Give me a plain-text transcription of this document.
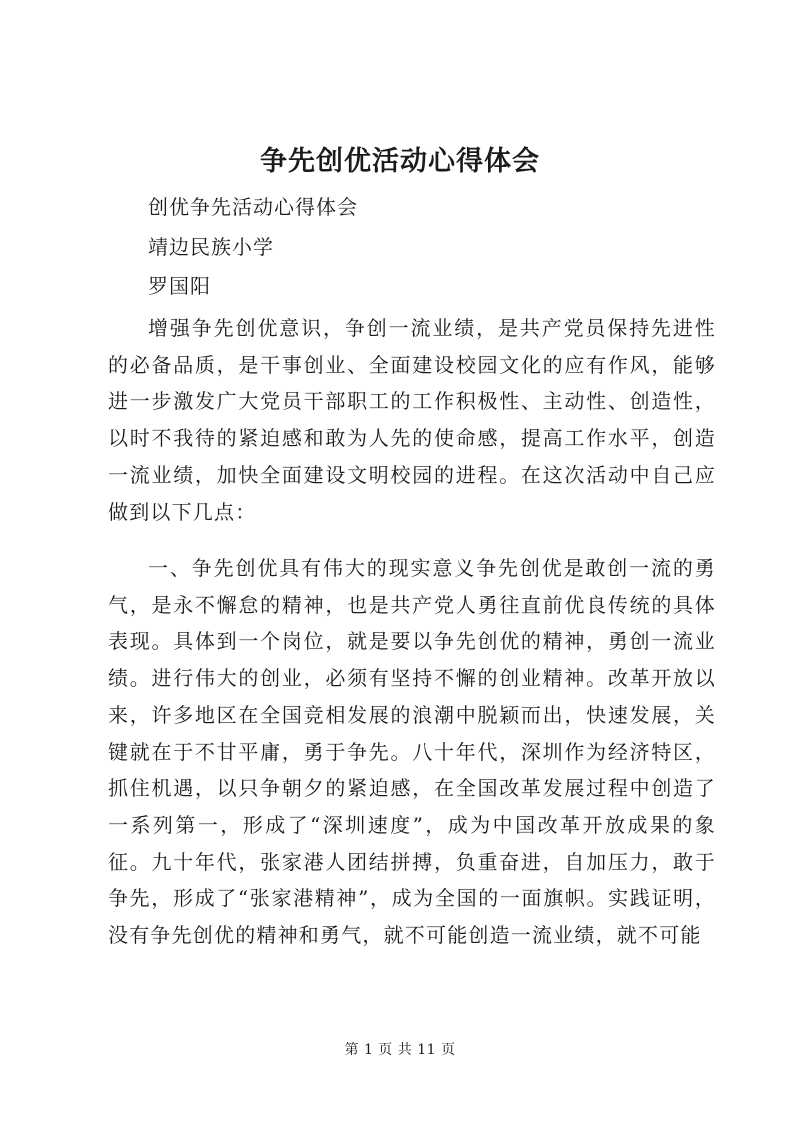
争先创优活动心得体会
创优争先活动心得体会
靖边民族小学
罗国阳

增强争先创优意识，争创一流业绩，是共产党员保持先进性的必备品质，是干事创业、全面建设校园文化的应有作风，能够进一步激发广大党员干部职工的工作积极性、主动性、创造性，以时不我待的紧迫感和敢为人先的使命感，提高工作水平，创造一流业绩，加快全面建设文明校园的进程。在这次活动中自己应做到以下几点：

一、争先创优具有伟大的现实意义争先创优是敢创一流的勇气，是永不懈怠的精神，也是共产党人勇往直前优良传统的具体表现。具体到一个岗位，就是要以争先创优的精神，勇创一流业绩。进行伟大的创业，必须有坚持不懈的创业精神。改革开放以来，许多地区在全国竞相发展的浪潮中脱颖而出，快速发展，关键就在于不甘平庸，勇于争先。八十年代，深圳作为经济特区，抓住机遇，以只争朝夕的紧迫感，在全国改革发展过程中创造了一系列第一，形成了“深圳速度”，成为中国改革开放成果的象征。九十年代，张家港人团结拼搏，负重奋进，自加压力，敢于争先，形成了“张家港精神”，成为全国的一面旗帜。实践证明，没有争先创优的精神和勇气，就不可能创造一流业绩，就不可能

第 1 页 共 11 页
